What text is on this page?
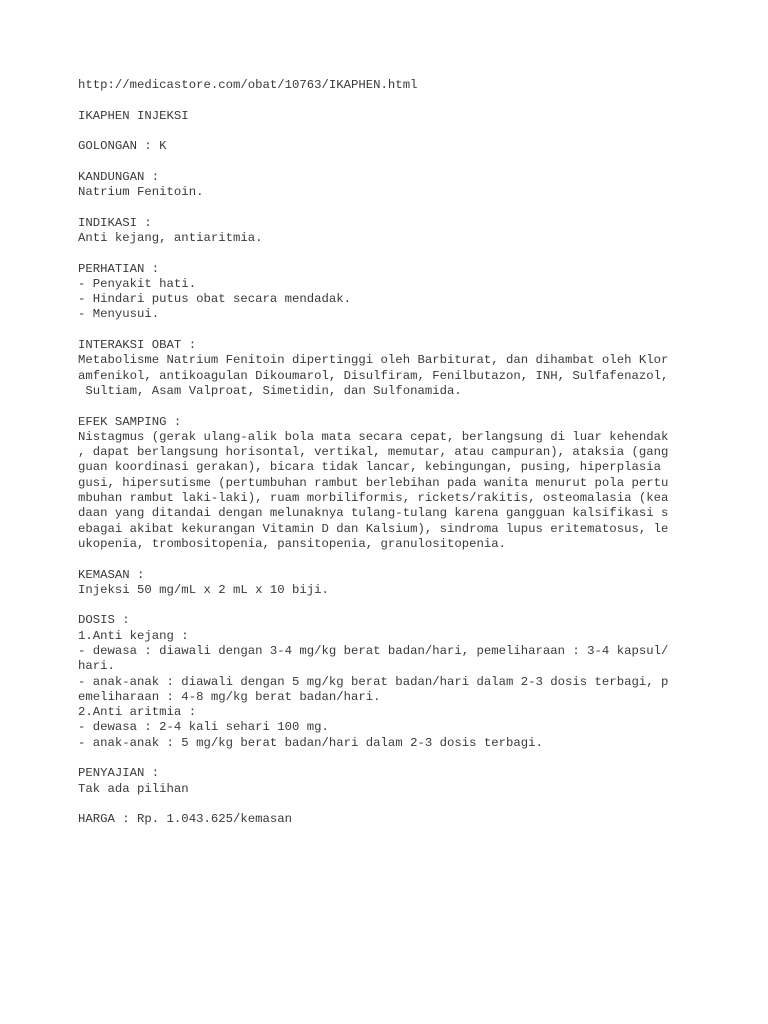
http://medicastore.com/obat/10763/IKAPHEN.html
IKAPHEN INJEKSI
GOLONGAN : K
KANDUNGAN :
Natrium Fenitoin.
INDIKASI :
Anti kejang, antiaritmia.
PERHATIAN :
- Penyakit hati.
- Hindari putus obat secara mendadak.
- Menyusui.
INTERAKSI OBAT :
Metabolisme Natrium Fenitoin dipertinggi oleh Barbiturat, dan dihambat oleh Klor
amfenikol, antikoagulan Dikoumarol, Disulfiram, Fenilbutazon, INH, Sulfafenazol,
Sultiam, Asam Valproat, Simetidin, dan Sulfonamida.
EFEK SAMPING :
Nistagmus (gerak ulang-alik bola mata secara cepat, berlangsung di luar kehendak
, dapat berlangsung horisontal, vertikal, memutar, atau campuran), ataksia (gang
guan koordinasi gerakan), bicara tidak lancar, kebingungan, pusing, hiperplasia
gusi, hipersutisme (pertumbuhan rambut berlebihan pada wanita menurut pola pertu
mbuhan rambut laki-laki), ruam morbiliformis, rickets/rakitis, osteomalasia (kea
daan yang ditandai dengan melunaknya tulang-tulang karena gangguan kalsifikasi s
ebagai akibat kekurangan Vitamin D dan Kalsium), sindroma lupus eritematosus, le
ukopenia, trombositopenia, pansitopenia, granulositopenia.
KEMASAN :
Injeksi 50 mg/mL x 2 mL x 10 biji.
DOSIS :
1.Anti kejang :
- dewasa : diawali dengan 3-4 mg/kg berat badan/hari, pemeliharaan : 3-4 kapsul/
hari.
- anak-anak : diawali dengan 5 mg/kg berat badan/hari dalam 2-3 dosis terbagi, p
emeliharaan : 4-8 mg/kg berat badan/hari.
2.Anti aritmia :
- dewasa : 2-4 kali sehari 100 mg.
- anak-anak : 5 mg/kg berat badan/hari dalam 2-3 dosis terbagi.
PENYAJIAN :
Tak ada pilihan
HARGA : Rp. 1.043.625/kemasan
